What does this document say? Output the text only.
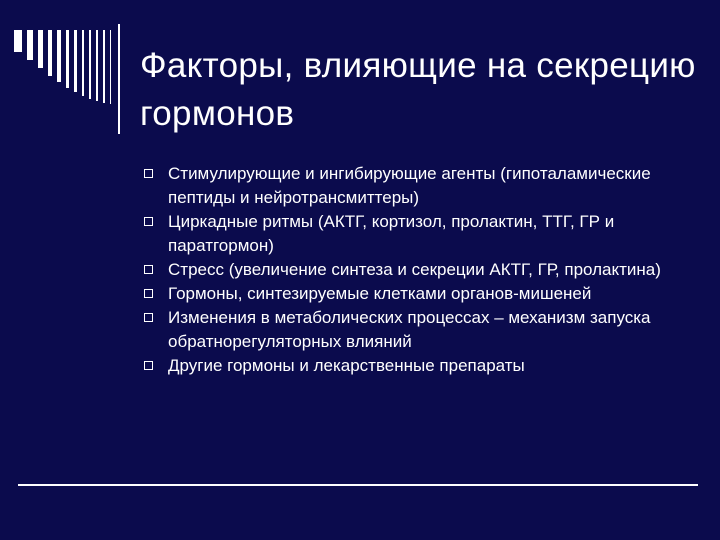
Факторы, влияющие на секрецию гормонов
Стимулирующие и ингибирующие агенты (гипоталамические пептиды и нейротрансмиттеры)
Циркадные ритмы (АКТГ, кортизол, пролактин, ТТГ, ГР и паратгормон)
Стресс (увеличение синтеза и секреции АКТГ, ГР, пролактина)
Гормоны, синтезируемые клетками органов-мишеней
Изменения в метаболических процессах – механизм запуска обратнорегуляторных влияний
Другие гормоны и лекарственные препараты
